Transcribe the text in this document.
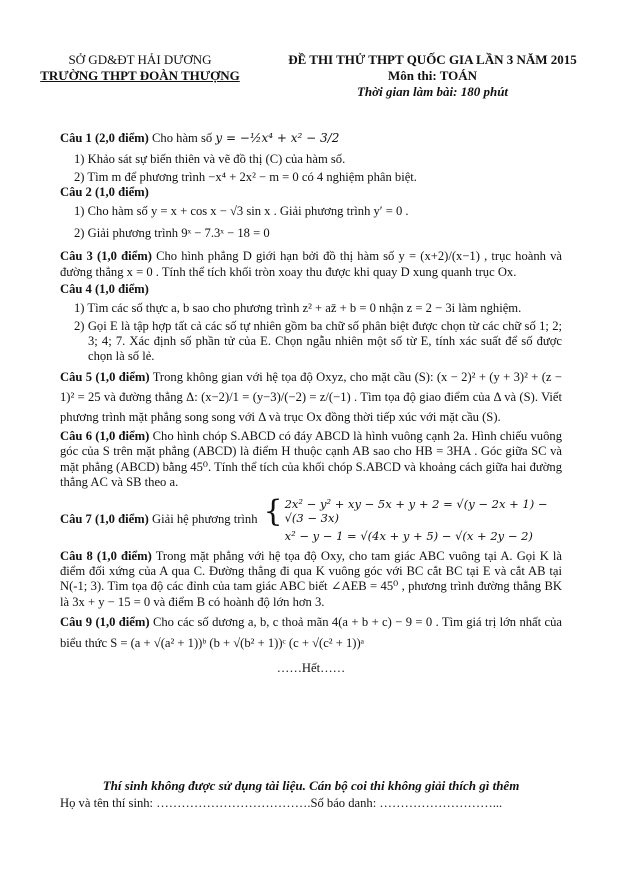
SỞ GD&ĐT HẢI DƯƠNG
TRƯỜNG THPT ĐOÀN THƯỢNG
ĐỀ THI THỬ THPT QUỐC GIA LẦN 3 NĂM 2015
Môn thi: TOÁN
Thời gian làm bài: 180 phút
Câu 1 (2,0 điểm) Cho hàm số y = −½x⁴ + x² − 3/2
1) Khảo sát sự biến thiên và vẽ đồ thị (C) của hàm số.
2) Tìm m để phương trình −x⁴ + 2x² − m = 0 có 4 nghiệm phân biệt.
Câu 2 (1,0 điểm)
1) Cho hàm số y = x + cos x − √3 sin x . Giải phương trình y′ = 0 .
2) Giải phương trình 9ˣ − 7.3ˣ − 18 = 0
Câu 3 (1,0 điểm) Cho hình phẳng D giới hạn bởi đồ thị hàm số y = (x+2)/(x−1) , trục hoành và đường thẳng x = 0 . Tính thể tích khối tròn xoay thu được khi quay D xung quanh trục Ox.
Câu 4 (1,0 điểm)
1) Tìm các số thực a, b sao cho phương trình z² + az̄ + b = 0 nhận z = 2 − 3i làm nghiệm.
2) Gọi E là tập hợp tất cả các số tự nhiên gồm ba chữ số phân biệt được chọn từ các chữ số 1; 2; 3; 4; 7. Xác định số phần tử của E. Chọn ngẫu nhiên một số từ E, tính xác suất để số được chọn là số lẻ.
Câu 5 (1,0 điểm) Trong không gian với hệ tọa độ Oxyz, cho mặt cầu (S): (x − 2)² + (y + 3)² + (z − 1)² = 25 và đường thẳng Δ: (x−2)/1 = (y−3)/(−2) = z/(−1) . Tìm tọa độ giao điểm của Δ và (S). Viết phương trình mặt phẳng song song với Δ và trục Ox đồng thời tiếp xúc với mặt cầu (S).
Câu 6 (1,0 điểm) Cho hình chóp S.ABCD có đáy ABCD là hình vuông cạnh 2a. Hình chiếu vuông góc của S trên mặt phẳng (ABCD) là điểm H thuộc cạnh AB sao cho HB = 3HA . Góc giữa SC và mặt phẳng (ABCD) bằng 45⁰. Tính thể tích của khối chóp S.ABCD và khoảng cách giữa hai đường thẳng AC và SB theo a.
Câu 7 (1,0 điểm) Giải hệ phương trình { 2x² − y² + xy − 5x + y + 2 = √(y − 2x + 1) − √(3 − 3x)
x² − y − 1 = √(4x + y + 5) − √(x + 2y − 2)
Câu 8 (1,0 điểm) Trong mặt phẳng với hệ tọa độ Oxy, cho tam giác ABC vuông tại A. Gọi K là điểm đối xứng của A qua C. Đường thẳng đi qua K vuông góc với BC cắt BC tại E và cắt AB tại N(-1; 3). Tìm tọa độ các đỉnh của tam giác ABC biết ∠AEB = 45⁰ , phương trình đường thẳng BK là 3x + y − 15 = 0 và điểm B có hoành độ lớn hơn 3.
Câu 9 (1,0 điểm) Cho các số dương a, b, c thoả mãn 4(a + b + c) − 9 = 0 . Tìm giá trị lớn nhất của biểu thức S = (a + √(a² + 1))ᵇ (b + √(b² + 1))ᶜ (c + √(c² + 1))ᵃ
……Hết……
Thí sinh không được sử dụng tài liệu. Cán bộ coi thi không giải thích gì thêm
Họ và tên thí sinh: ……………………………….Số báo danh: ………………………...
